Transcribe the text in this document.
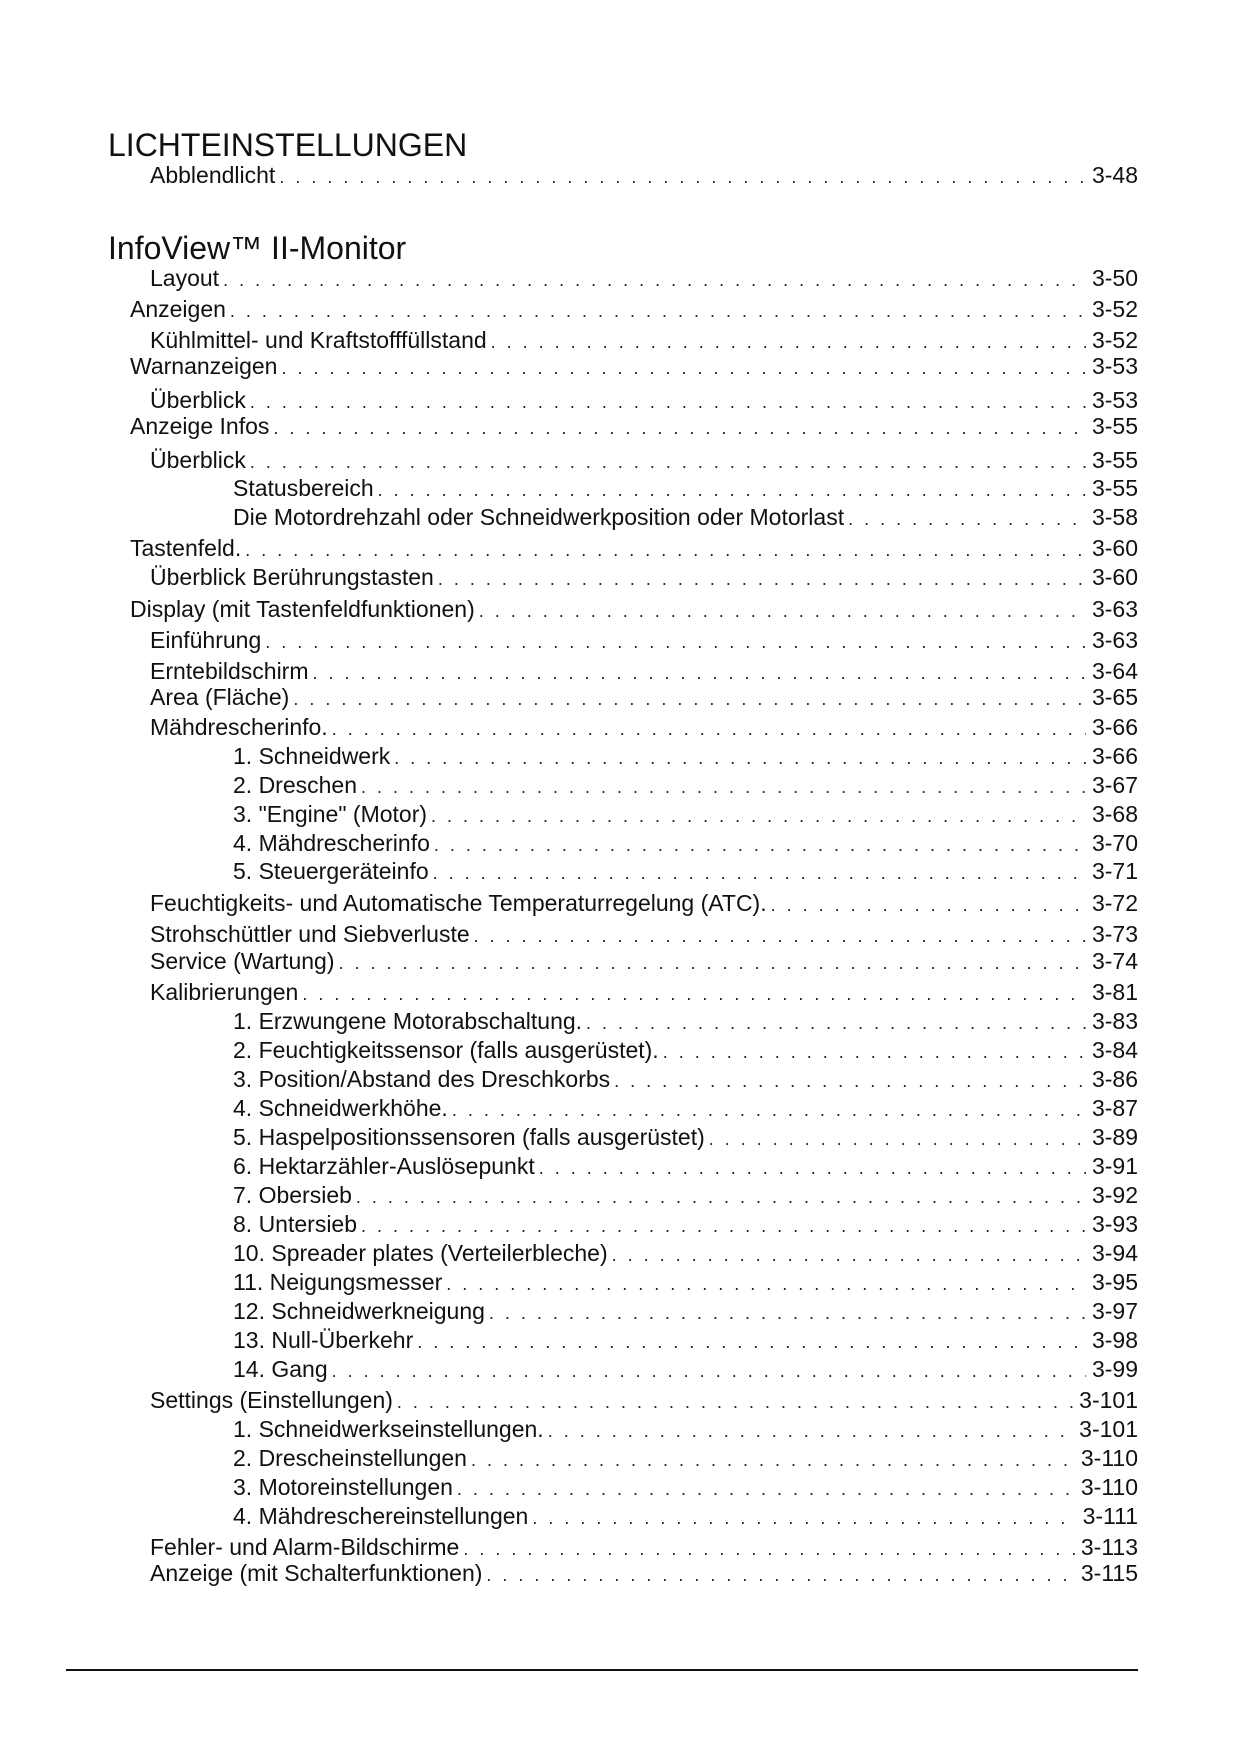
LICHTEINSTELLUNGEN
Abblendlicht . . .	3-48
InfoView™ II-Monitor
Layout . . .	3-50
Anzeigen . . .	3-52
Kühlmittel- und Kraftstofffüllstand . . .	3-52
Warnanzeigen . . .	3-53
Überblick . . .	3-53
Anzeige Infos . . .	3-55
Überblick . . .	3-55
Statusbereich . . .	3-55
Die Motordrehzahl oder Schneidwerkposition oder Motorlast . . .	3-58
Tastenfeld. . . .	3-60
Überblick Berührungstasten . . .	3-60
Display (mit Tastenfeldfunktionen) . . .	3-63
Einführung . . .	3-63
Erntebildschirm . . .	3-64
Area (Fläche) . . .	3-65
Mähdrescherinfo. . . .	3-66
1. Schneidwerk . . .	3-66
2. Dreschen . . .	3-67
3. "Engine" (Motor) . . .	3-68
4. Mähdrescherinfo . . .	3-70
5. Steuergeräteinfo . . .	3-71
Feuchtigkeits- und Automatische Temperaturregelung (ATC). . . .	3-72
Strohschüttler und Siebverluste . . .	3-73
Service (Wartung) . . .	3-74
Kalibrierungen . . .	3-81
1. Erzwungene Motorabschaltung. . . .	3-83
2. Feuchtigkeitssensor (falls ausgerüstet). . . .	3-84
3. Position/Abstand des Dreschkorbs . . .	3-86
4. Schneidwerkhöhe. . . .	3-87
5. Haspelpositionssensoren (falls ausgerüstet) . . .	3-89
6. Hektarzähler-Auslösepunkt . . .	3-91
7. Obersieb . . .	3-92
8. Untersieb . . .	3-93
10. Spreader plates (Verteilerbleche) . . .	3-94
11. Neigungsmesser . . .	3-95
12. Schneidwerkneigung . . .	3-97
13. Null-Überkehr . . .	3-98
14. Gang . . .	3-99
Settings (Einstellungen) . . .	3-101
1. Schneidwerkseinstellungen. . . .	3-101
2. Drescheinstellungen . . .	3-110
3. Motoreinstellungen . . .	3-110
4. Mähdreschereinstellungen . . .	3-111
Fehler- und Alarm-Bildschirme . . .	3-113
Anzeige (mit Schalterfunktionen) . . .	3-115
